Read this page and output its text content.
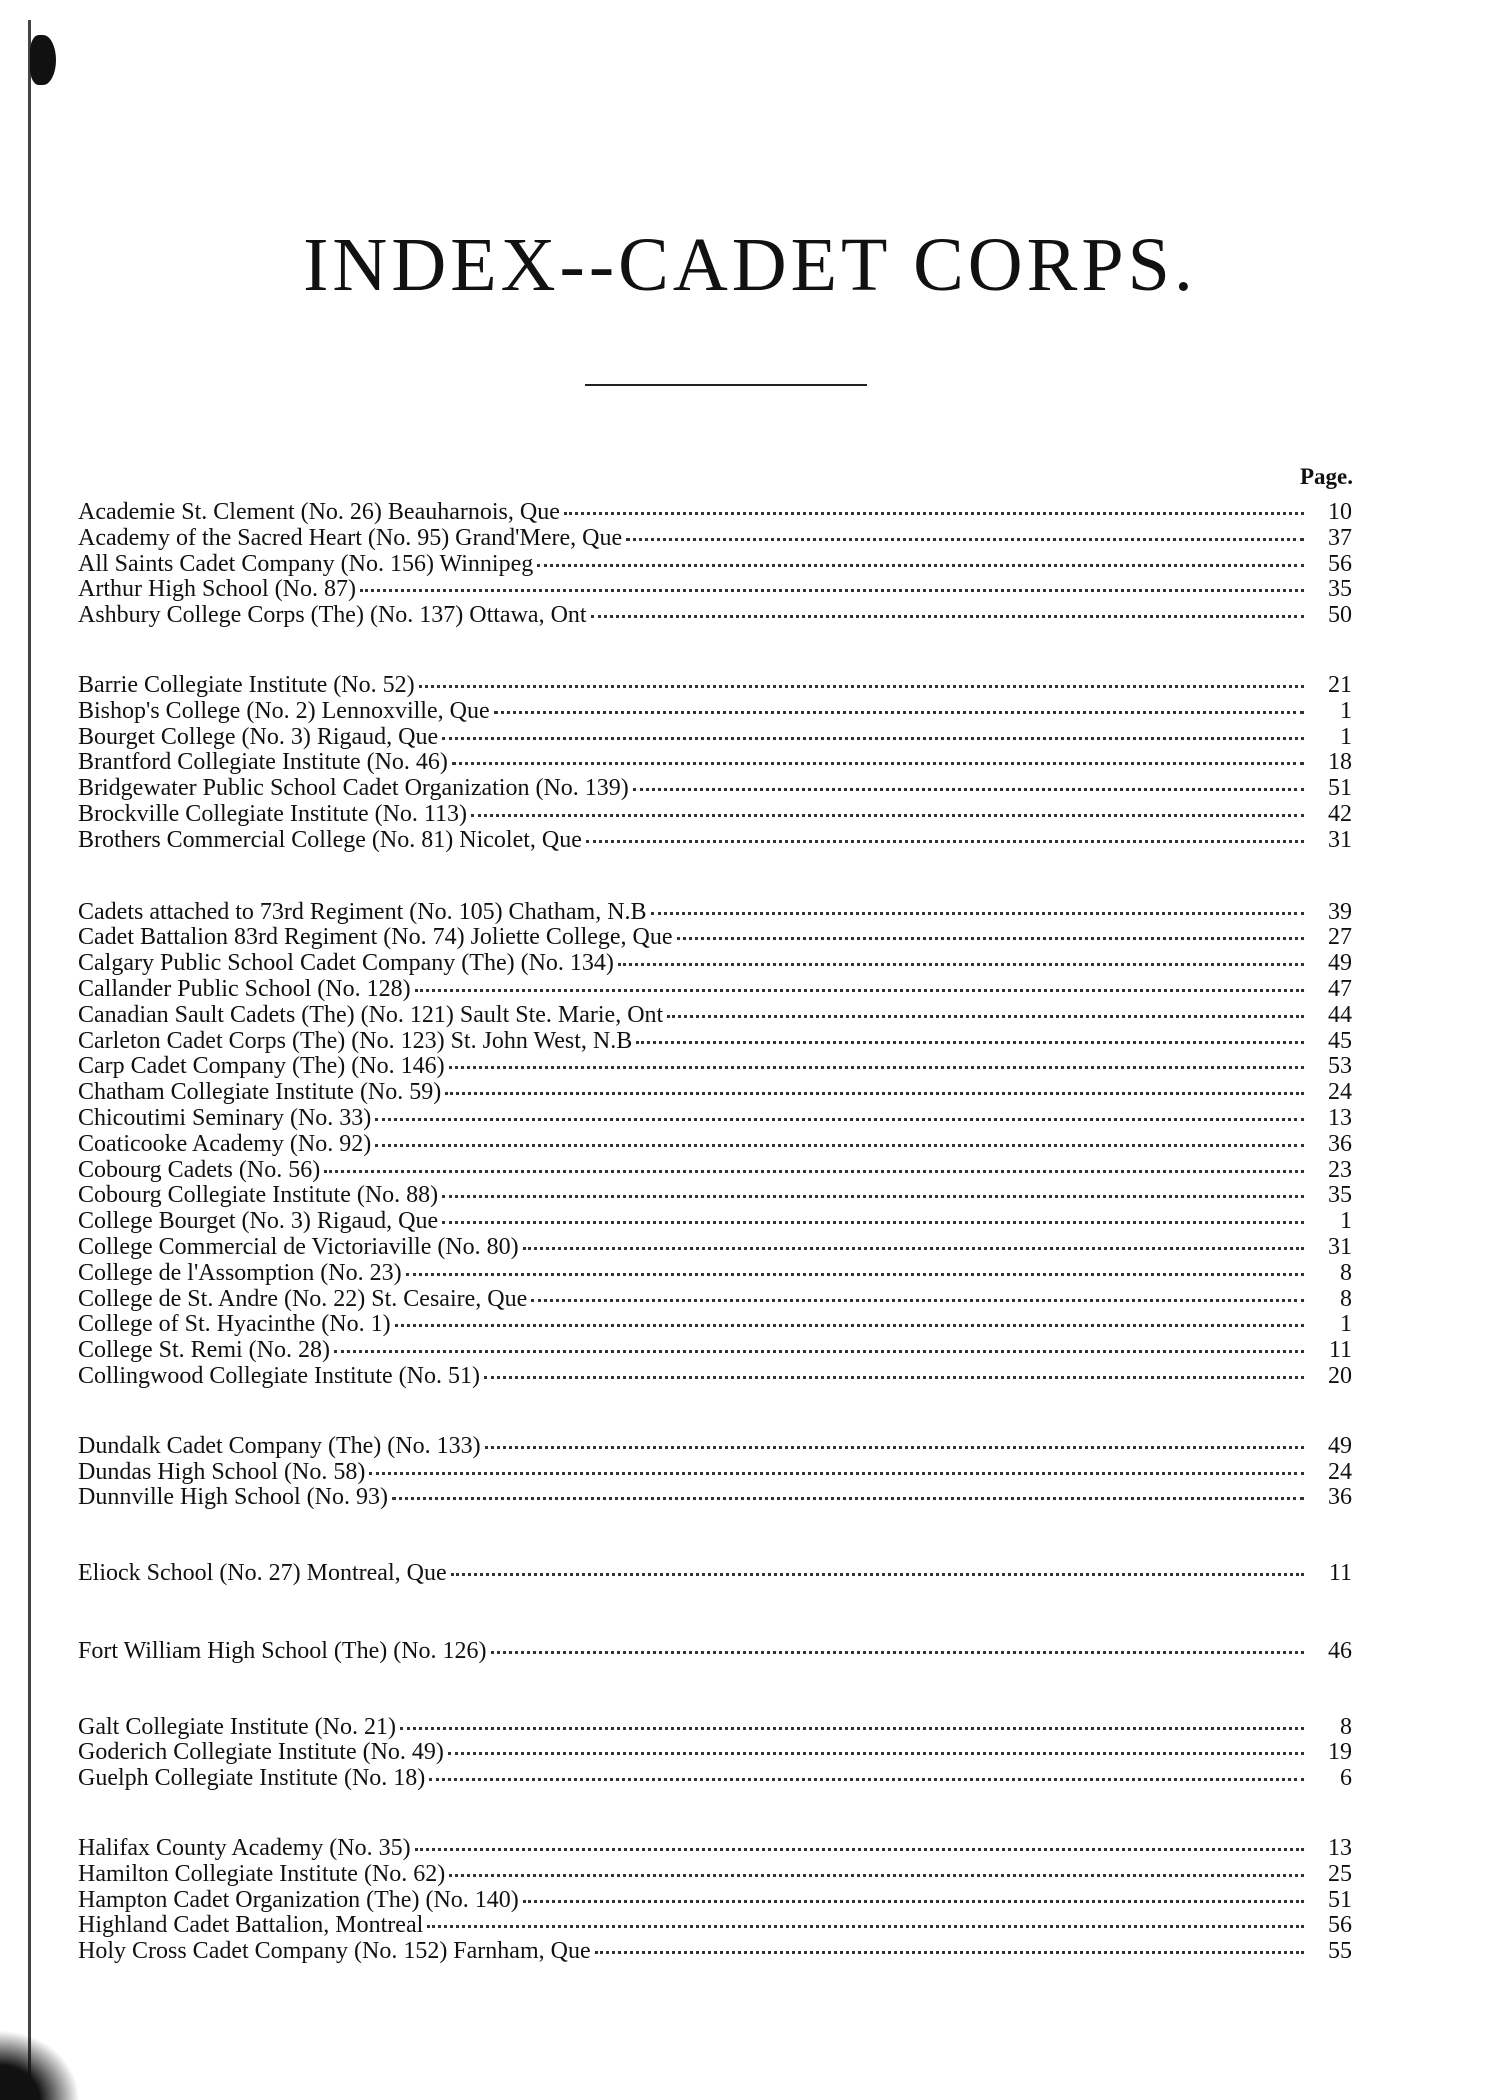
INDEX--CADET CORPS.
Page.
Academie St. Clement (No. 26) Beauharnois, Que	10
Academy of the Sacred Heart (No. 95) Grand'Mere, Que	37
All Saints Cadet Company (No. 156) Winnipeg	56
Arthur High School (No. 87)	35
Ashbury College Corps (The) (No. 137) Ottawa, Ont	50
Barrie Collegiate Institute (No. 52)	21
Bishop's College (No. 2) Lennoxville, Que	1
Bourget College (No. 3) Rigaud, Que	1
Brantford Collegiate Institute (No. 46)	18
Bridgewater Public School Cadet Organization (No. 139)	51
Brockville Collegiate Institute (No. 113)	42
Brothers Commercial College (No. 81) Nicolet, Que	31
Cadets attached to 73rd Regiment (No. 105) Chatham, N.B	39
Cadet Battalion 83rd Regiment (No. 74) Joliette College, Que	27
Calgary Public School Cadet Company (The) (No. 134)	49
Callander Public School (No. 128)	47
Canadian Sault Cadets (The) (No. 121) Sault Ste. Marie, Ont	44
Carleton Cadet Corps (The) (No. 123) St. John West, N.B	45
Carp Cadet Company (The) (No. 146)	53
Chatham Collegiate Institute (No. 59)	24
Chicoutimi Seminary (No. 33)	13
Coaticooke Academy (No. 92)	36
Cobourg Cadets (No. 56)	23
Cobourg Collegiate Institute (No. 88)	35
College Bourget (No. 3) Rigaud, Que	1
College Commercial de Victoriaville (No. 80)	31
College de l'Assomption (No. 23)	8
College de St. Andre (No. 22) St. Cesaire, Que	8
College of St. Hyacinthe (No. 1)	1
College St. Remi (No. 28)	11
Collingwood Collegiate Institute (No. 51)	20
Dundalk Cadet Company (The) (No. 133)	49
Dundas High School (No. 58)	24
Dunnville High School (No. 93)	36
Eliock School (No. 27) Montreal, Que	11
Fort William High School (The) (No. 126)	46
Galt Collegiate Institute (No. 21)	8
Goderich Collegiate Institute (No. 49)	19
Guelph Collegiate Institute (No. 18)	6
Halifax County Academy (No. 35)	13
Hamilton Collegiate Institute (No. 62)	25
Hampton Cadet Organization (The) (No. 140)	51
Highland Cadet Battalion, Montreal	56
Holy Cross Cadet Company (No. 152) Farnham, Que	55
